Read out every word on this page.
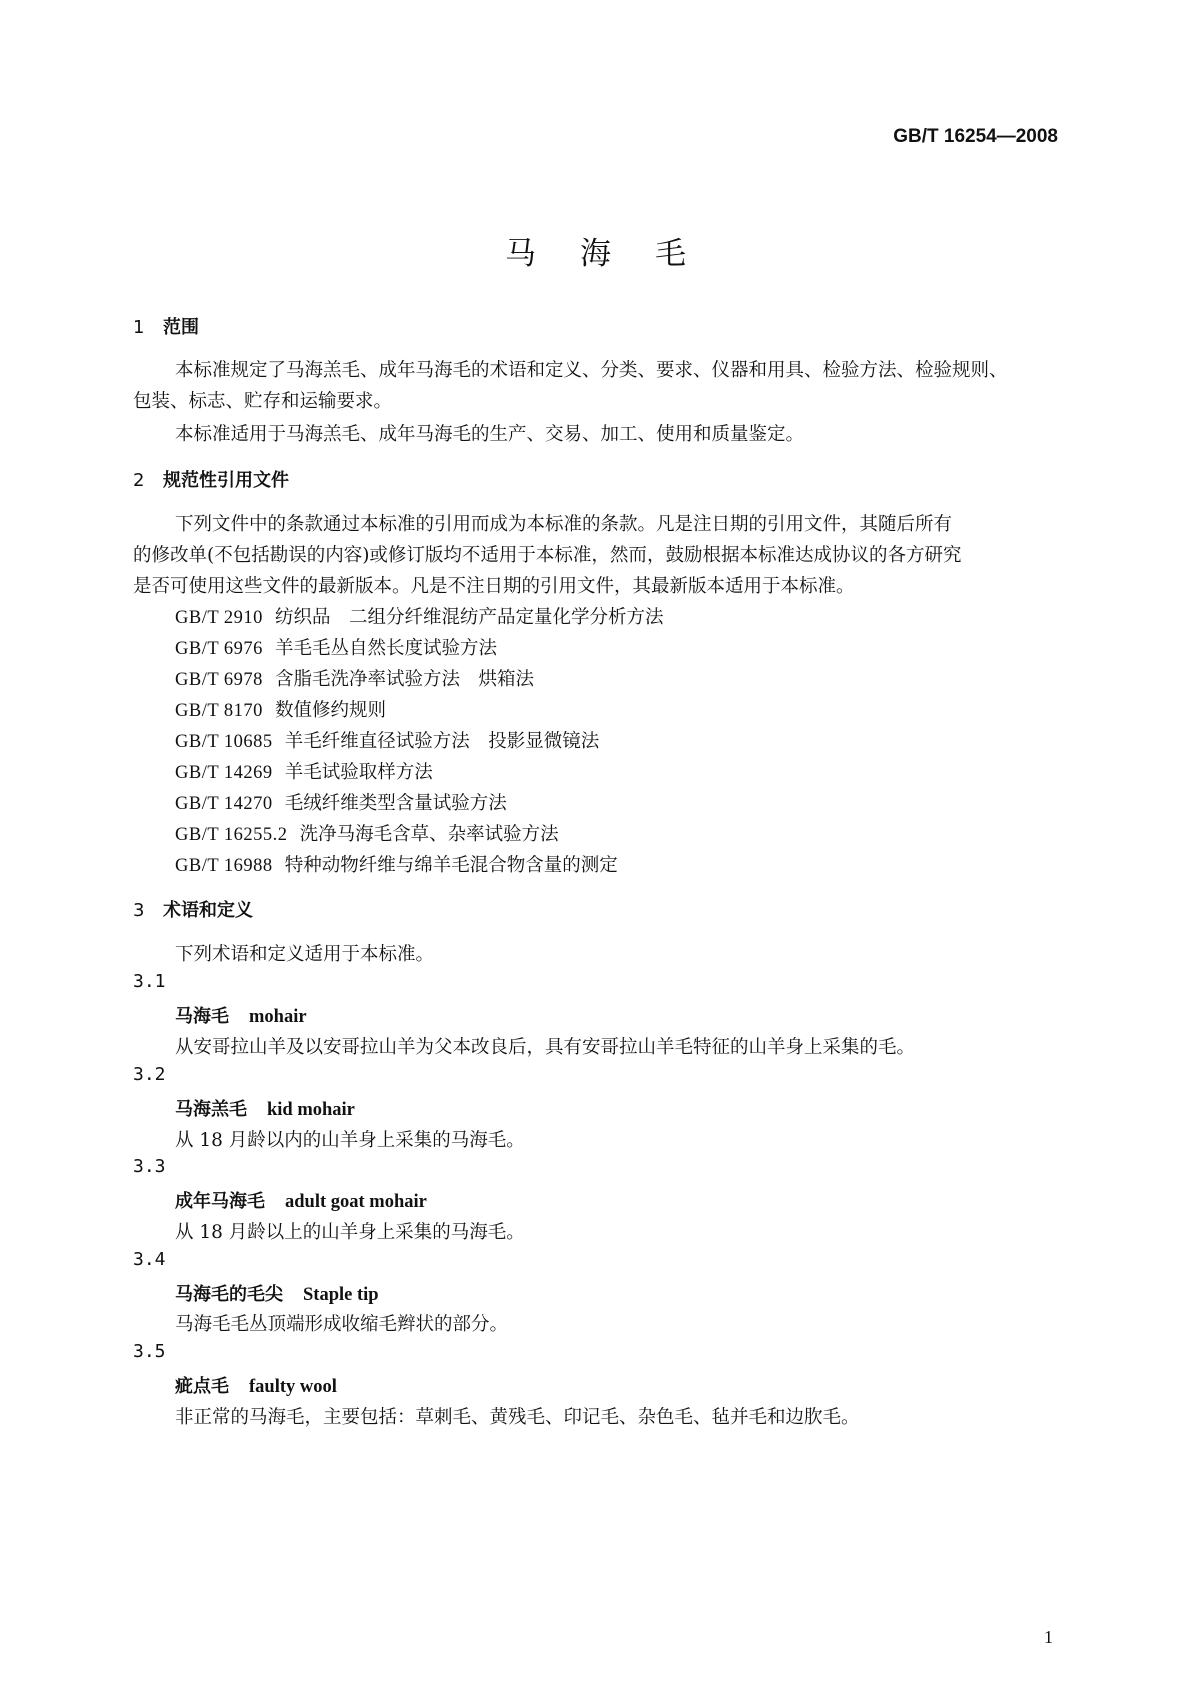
GB/T 16254—2008
马海毛
1 范围
本标准规定了马海羔毛、成年马海毛的术语和定义、分类、要求、仪器和用具、检验方法、检验规则、
包装、标志、贮存和运输要求。
本标准适用于马海羔毛、成年马海毛的生产、交易、加工、使用和质量鉴定。
2 规范性引用文件
下列文件中的条款通过本标准的引用而成为本标准的条款。凡是注日期的引用文件，其随后所有
的修改单(不包括勘误的内容)或修订版均不适用于本标准，然而，鼓励根据本标准达成协议的各方研究
是否可使用这些文件的最新版本。凡是不注日期的引用文件，其最新版本适用于本标准。
GB/T 2910 纺织品　二组分纤维混纺产品定量化学分析方法
GB/T 6976 羊毛毛丛自然长度试验方法
GB/T 6978 含脂毛洗净率试验方法　烘箱法
GB/T 8170 数值修约规则
GB/T 10685 羊毛纤维直径试验方法　投影显微镜法
GB/T 14269 羊毛试验取样方法
GB/T 14270 毛绒纤维类型含量试验方法
GB/T 16255.2 洗净马海毛含草、杂率试验方法
GB/T 16988 特种动物纤维与绵羊毛混合物含量的测定
3 术语和定义
下列术语和定义适用于本标准。
3.1
马海毛 mohair
从安哥拉山羊及以安哥拉山羊为父本改良后，具有安哥拉山羊毛特征的山羊身上采集的毛。
3.2
马海羔毛 kid mohair
从 18 月龄以内的山羊身上采集的马海毛。
3.3
成年马海毛 adult goat mohair
从 18 月龄以上的山羊身上采集的马海毛。
3.4
马海毛的毛尖 Staple tip
马海毛毛丛顶端形成收缩毛辫状的部分。
3.5
疵点毛 faulty wool
非正常的马海毛，主要包括：草刺毛、黄残毛、印记毛、杂色毛、毡并毛和边肷毛。
1
